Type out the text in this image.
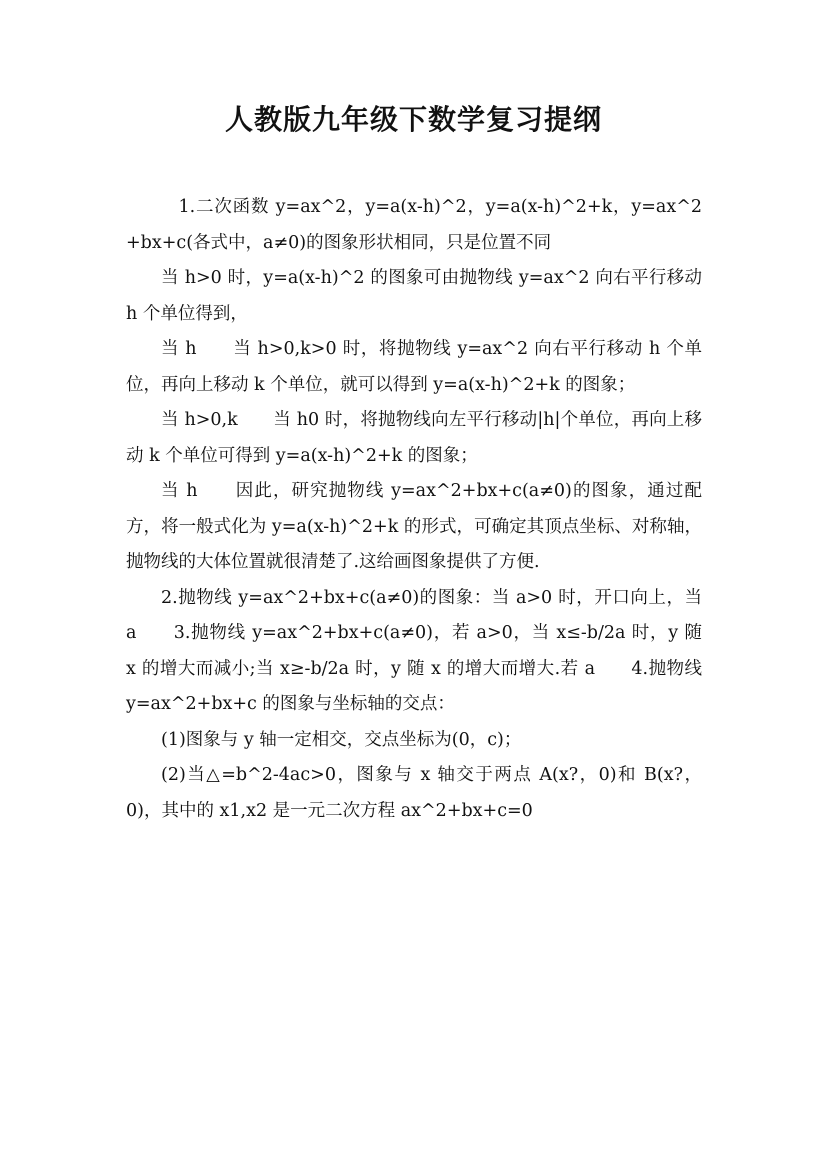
人教版九年级下数学复习提纲

1.二次函数 y=ax^2，y=a(x-h)^2，y=a(x-h)^2+k，y=ax^2+bx+c(各式中，a≠0)的图象形状相同，只是位置不同

当 h>0 时，y=a(x-h)^2 的图象可由抛物线 y=ax^2 向右平行移动 h 个单位得到，

当 h　　当 h>0,k>0 时，将抛物线 y=ax^2 向右平行移动 h 个单位，再向上移动 k 个单位，就可以得到 y=a(x-h)^2+k 的图象；

当 h>0,k　　当 h0 时，将抛物线向左平行移动|h|个单位，再向上移动 k 个单位可得到 y=a(x-h)^2+k 的图象；

当 h　　因此，研究抛物线 y=ax^2+bx+c(a≠0)的图象，通过配方，将一般式化为 y=a(x-h)^2+k 的形式，可确定其顶点坐标、对称轴，抛物线的大体位置就很清楚了.这给画图象提供了方便.

2.抛物线 y=ax^2+bx+c(a≠0)的图象：当 a>0 时，开口向上，当 a　　3.抛物线 y=ax^2+bx+c(a≠0)，若 a>0，当 x≤-b/2a 时，y 随 x 的增大而减小;当 x≥-b/2a 时，y 随 x 的增大而增大.若 a　　4.抛物线 y=ax^2+bx+c 的图象与坐标轴的交点：

(1)图象与 y 轴一定相交，交点坐标为(0，c)；

(2)当△=b^2-4ac>0，图象与 x 轴交于两点 A(x?，0)和 B(x?，0)，其中的 x1,x2 是一元二次方程 ax^2+bx+c=0
